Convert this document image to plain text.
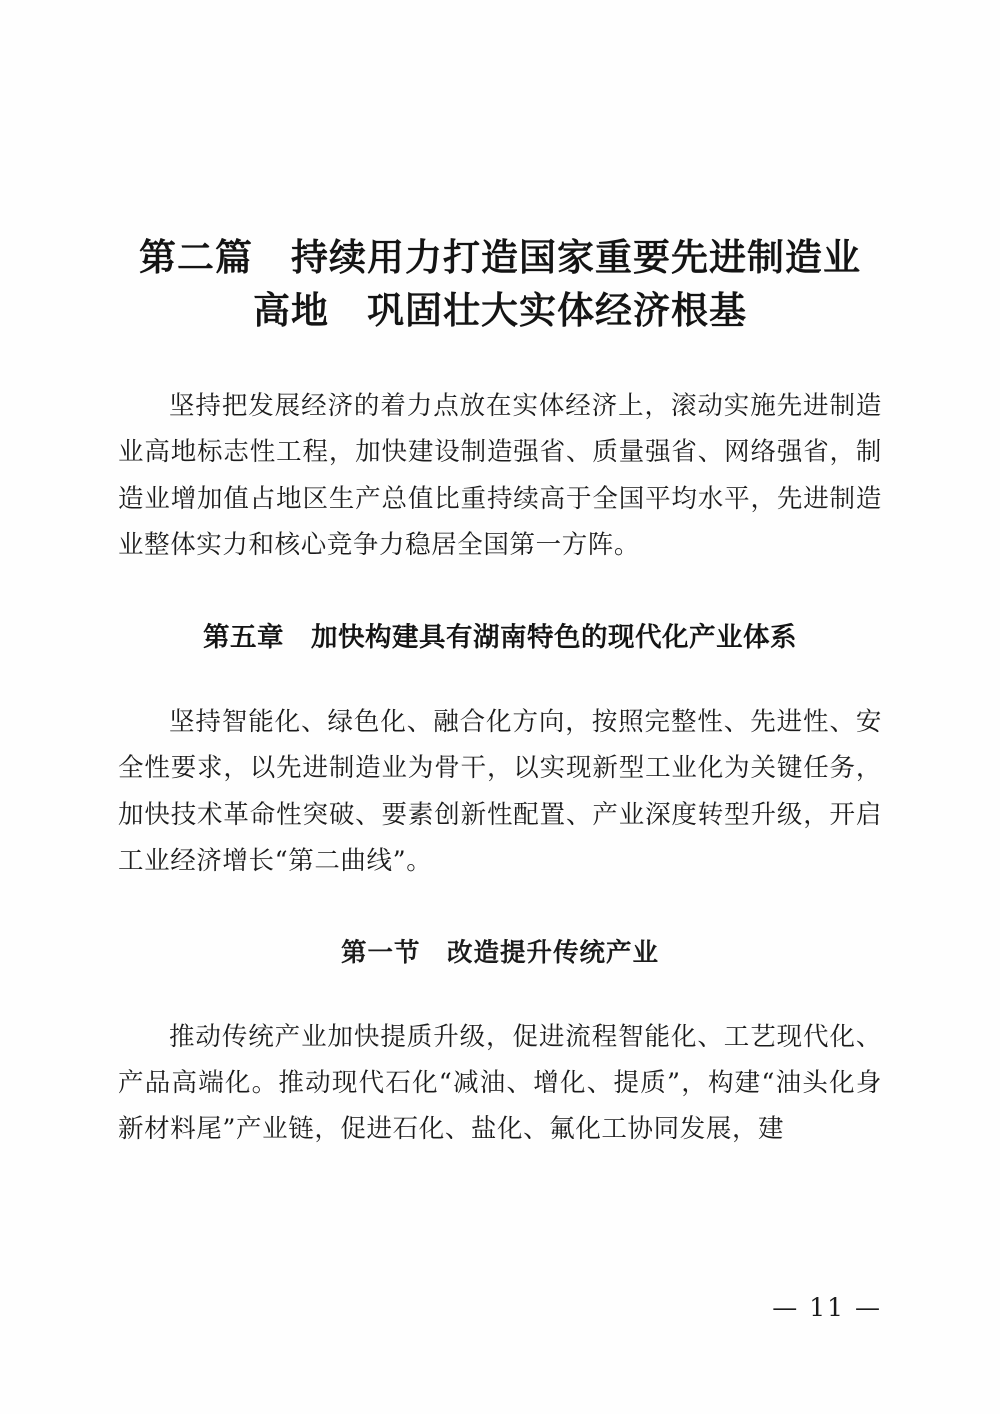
第二篇　持续用力打造国家重要先进制造业
高地　巩固壮大实体经济根基

坚持把发展经济的着力点放在实体经济上，滚动实施先进制造业高地标志性工程，加快建设制造强省、质量强省、网络强省，制造业增加值占地区生产总值比重持续高于全国平均水平，先进制造业整体实力和核心竞争力稳居全国第一方阵。

第五章　加快构建具有湖南特色的现代化产业体系

坚持智能化、绿色化、融合化方向，按照完整性、先进性、安全性要求，以先进制造业为骨干，以实现新型工业化为关键任务，加快技术革命性突破、要素创新性配置、产业深度转型升级，开启工业经济增长“第二曲线”。

第一节　改造提升传统产业

推动传统产业加快提质升级，促进流程智能化、工艺现代化、产品高端化。推动现代石化“减油、增化、提质”，构建“油头化身新材料尾”产业链，促进石化、盐化、氟化工协同发展，建

— 11 —
